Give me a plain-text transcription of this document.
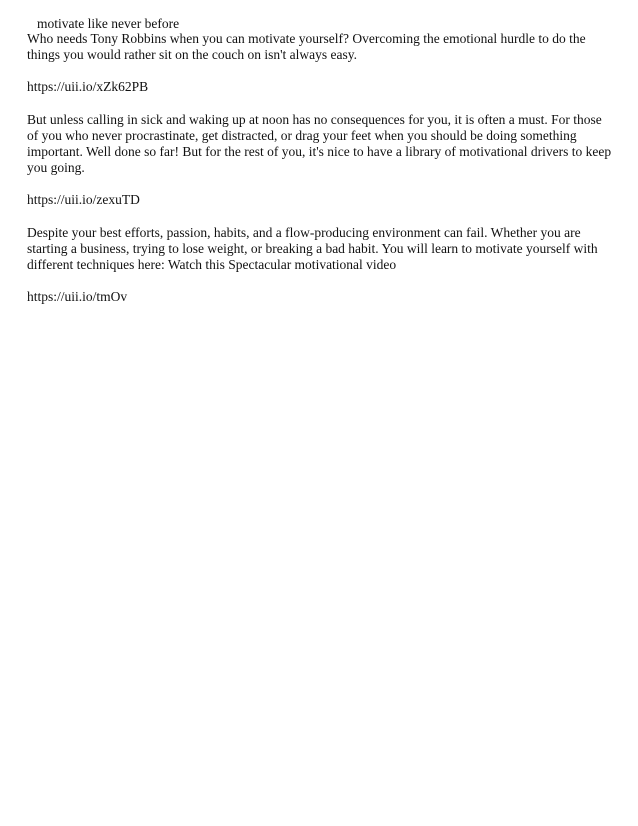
motivate like never before

Who needs Tony Robbins when you can motivate yourself? Overcoming the emotional hurdle to do the things you would rather sit on the couch on isn't always easy.

https://uii.io/xZk62PB

But unless calling in sick and waking up at noon has no consequences for you, it is often a must. For those of you who never procrastinate, get distracted, or drag your feet when you should be doing something important. Well done so far! But for the rest of you, it's nice to have a library of motivational drivers to keep you going.

https://uii.io/zexuTD

Despite your best efforts, passion, habits, and a flow-producing environment can fail. Whether you are starting a business, trying to lose weight, or breaking a bad habit. You will learn to motivate yourself with different techniques here: Watch this Spectacular motivational video

https://uii.io/tmOv
